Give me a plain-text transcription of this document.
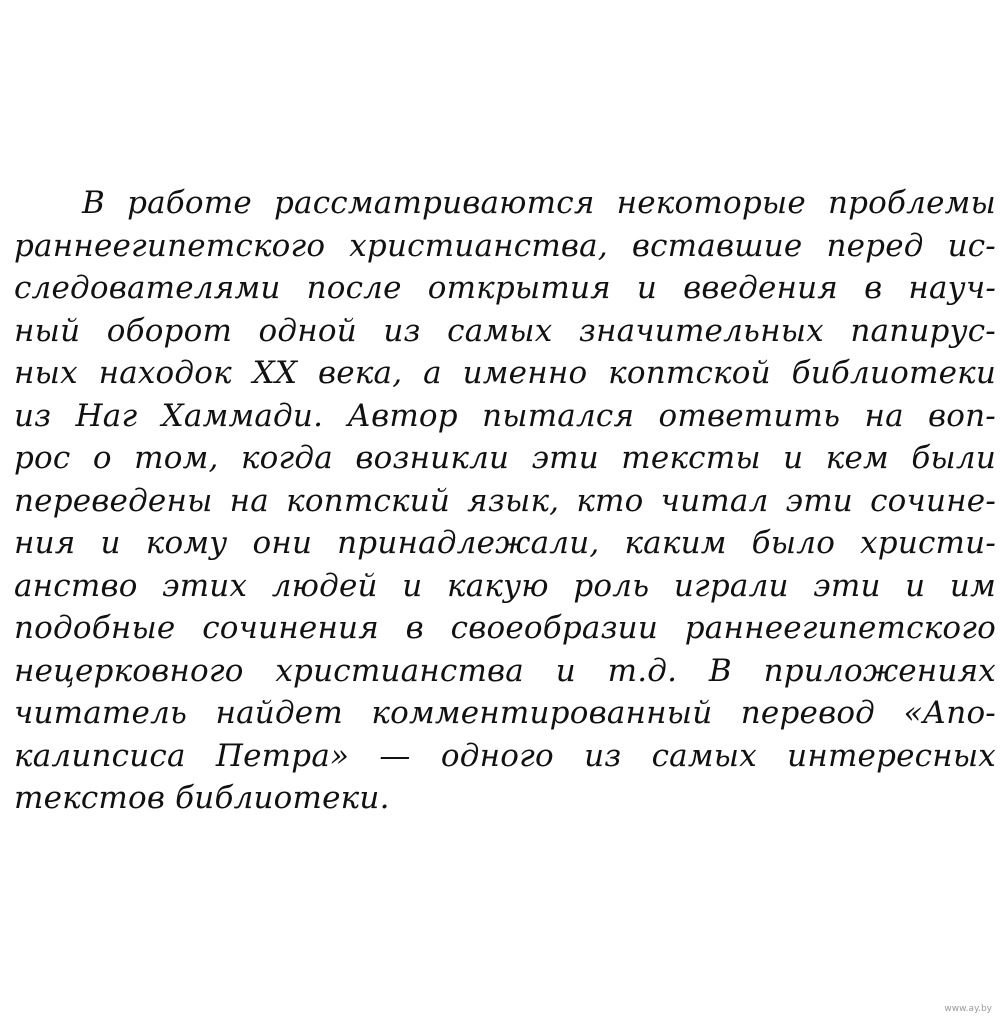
В работе рассматриваются некоторые проблемы
раннеегипетского христианства, вставшие перед ис-
следователями после открытия и введения в науч-
ный оборот одной из самых значительных папирус-
ных находок XX века, а именно коптской библиотеки
из Наг Хаммади. Автор пытался ответить на воп-
рос о том, когда возникли эти тексты и кем были
переведены на коптский язык, кто читал эти сочине-
ния и кому они принадлежали, каким было христи-
анство этих людей и какую роль играли эти и им
подобные сочинения в своеобразии раннеегипетского
нецерковного христианства и т.д. В приложениях
читатель найдет комментированный перевод «Апо-
калипсиса Петра» — одного из самых интересных
текстов библиотеки.
www.ay.by
